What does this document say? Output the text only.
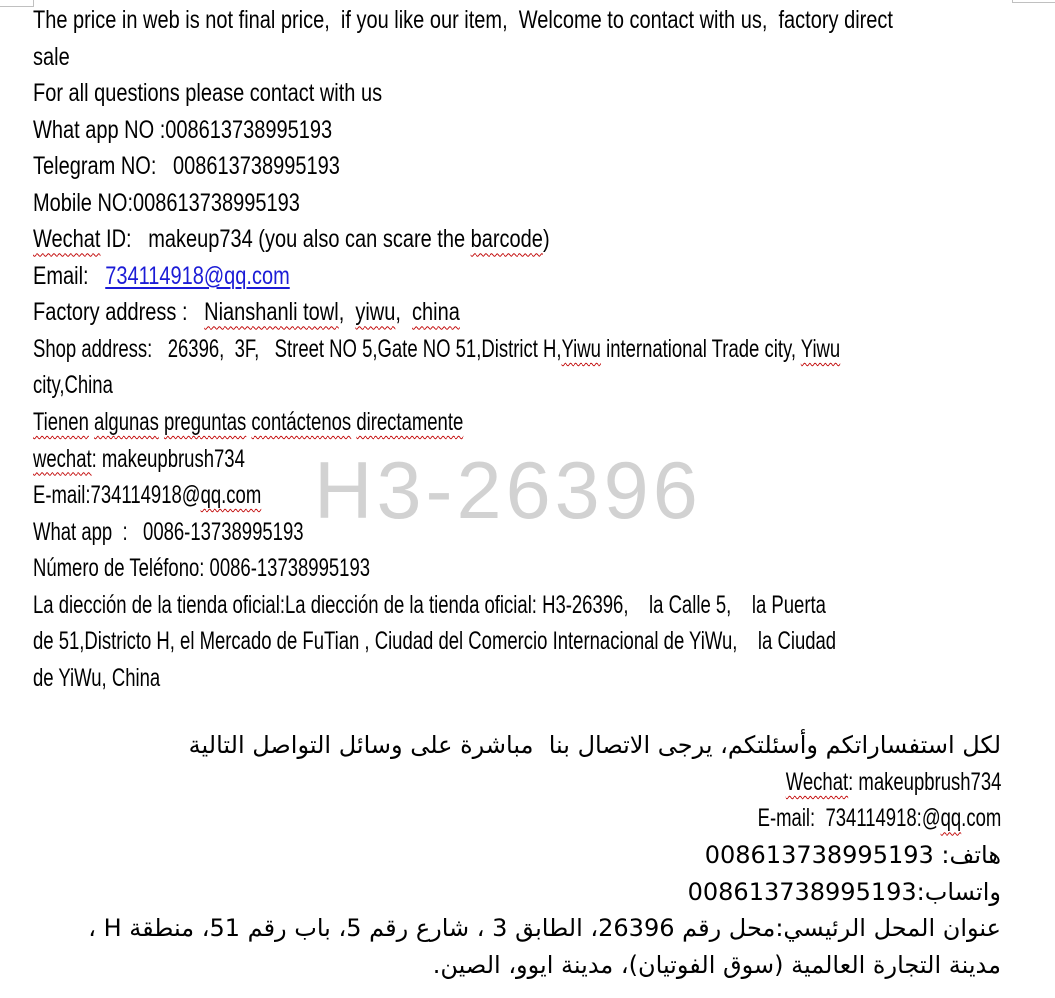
H3-26396
The price in web is not final price,  if you like our item,  Welcome to contact with us,  factory direct
sale
For all questions please contact with us
What app NO :008613738995193
Telegram NO:   008613738995193
Mobile NO:008613738995193
Wechat ID:   makeup734 (you also can scare the barcode)
Email:   734114918@qq.com
Factory address :   Nianshanli towl,  yiwu,  china
Shop address:   26396,  3F,   Street NO 5,Gate NO 51,District H,Yiwu international Trade city, Yiwu
city,China
Tienen algunas preguntas contáctenos directamente
wechat: makeupbrush734
E-mail:734114918@qq.com
What app  :   0086-13738995193
Número de Teléfono: 0086-13738995193
La diección de la tienda oficial:La diección de la tienda oficial: H3-26396,    la Calle 5,    la Puerta
de 51,Districto H, el Mercado de FuTian , Ciudad del Comercio Internacional de YiWu,    la Ciudad
de YiWu, China
لكل استفساراتكم وأسئلتكم، يرجى الاتصال بنا  مباشرة على وسائل التواصل التالية
Wechat: makeupbrush734
E-mail:  734114918:@qq.com
هاتف: 008613738995193
واتساب:008613738995193
عنوان المحل الرئيسي:محل رقم 26396، الطابق 3 ، شارع رقم 5، باب رقم 51، منطقة H ،
مدينة التجارة العالمية (سوق الفوتيان)، مدينة ايوو، الصين.
